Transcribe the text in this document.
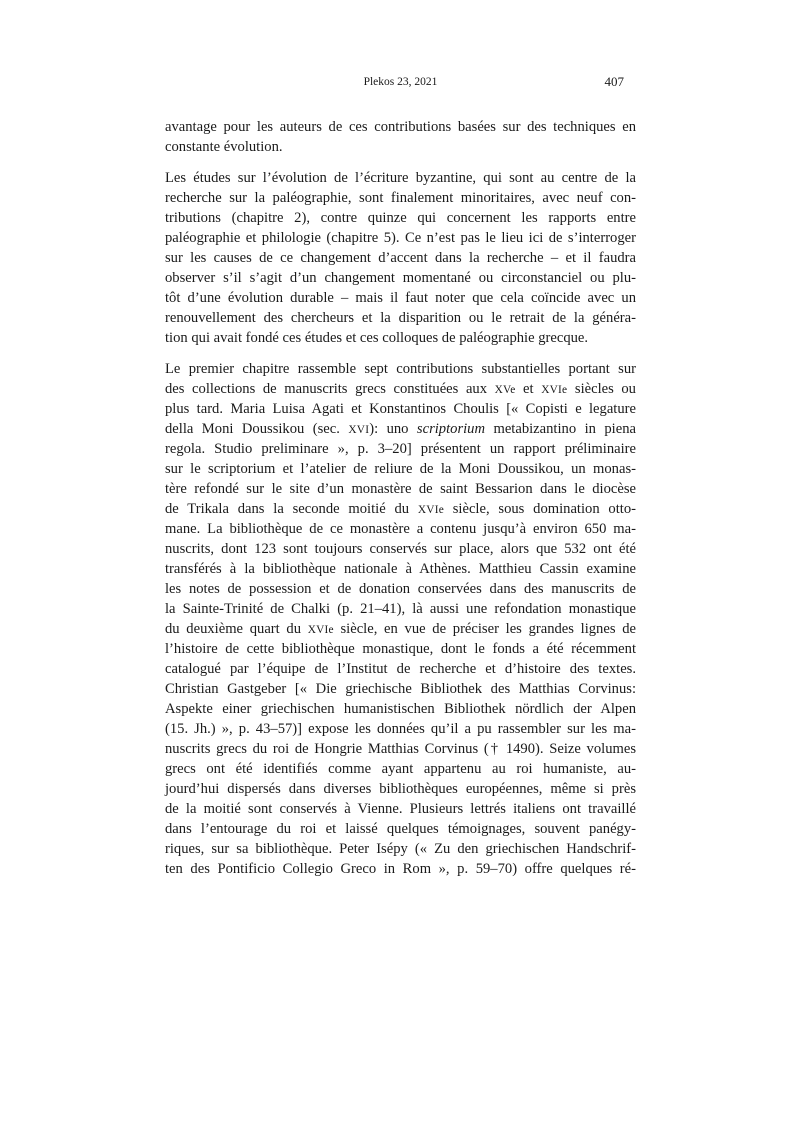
Plekos 23, 2021	407
avantage pour les auteurs de ces contributions basées sur des techniques en
constante évolution.
Les études sur l’évolution de l’écriture byzantine, qui sont au centre de la
recherche sur la paléographie, sont finalement minoritaires, avec neuf con-
tributions (chapitre 2), contre quinze qui concernent les rapports entre
paléographie et philologie (chapitre 5). Ce n’est pas le lieu ici de s’interroger
sur les causes de ce changement d’accent dans la recherche – et il faudra
observer s’il s’agit d’un changement momentané ou circonstanciel ou plu-
tôt d’une évolution durable – mais il faut noter que cela coïncide avec un
renouvellement des chercheurs et la disparition ou le retrait de la généra-
tion qui avait fondé ces études et ces colloques de paléographie grecque.
Le premier chapitre rassemble sept contributions substantielles portant sur
des collections de manuscrits grecs constituées aux XVe et XVIe siècles ou
plus tard. Maria Luisa Agati et Konstantinos Choulis [« Copisti e legature
della Moni Doussikou (sec. XVI): uno scriptorium metabizantino in piena
regola. Studio preliminare », p. 3–20] présentent un rapport préliminaire
sur le scriptorium et l’atelier de reliure de la Moni Doussikou, un monas-
tère refondé sur le site d’un monastère de saint Bessarion dans le diocèse
de Trikala dans la seconde moitié du XVIe siècle, sous domination otto-
mane. La bibliothèque de ce monastère a contenu jusqu’à environ 650 ma-
nuscrits, dont 123 sont toujours conservés sur place, alors que 532 ont été
transférés à la bibliothèque nationale à Athènes. Matthieu Cassin examine
les notes de possession et de donation conservées dans des manuscrits de
la Sainte-Trinité de Chalki (p. 21–41), là aussi une refondation monastique
du deuxième quart du XVIe siècle, en vue de préciser les grandes lignes de
l’histoire de cette bibliothèque monastique, dont le fonds a été récemment
catalogué par l’équipe de l’Institut de recherche et d’histoire des textes.
Christian Gastgeber [« Die griechische Bibliothek des Matthias Corvinus:
Aspekte einer griechischen humanistischen Bibliothek nördlich der Alpen
(15. Jh.) », p. 43–57)] expose les données qu’il a pu rassembler sur les ma-
nuscrits grecs du roi de Hongrie Matthias Corvinus († 1490). Seize volumes
grecs ont été identifiés comme ayant appartenu au roi humaniste, au-
jourd’hui dispersés dans diverses bibliothèques européennes, même si près
de la moitié sont conservés à Vienne. Plusieurs lettrés italiens ont travaillé
dans l’entourage du roi et laissé quelques témoignages, souvent panégy-
riques, sur sa bibliothèque. Peter Isépy (« Zu den griechischen Handschrif-
ten des Pontificio Collegio Greco in Rom », p. 59–70) offre quelques ré-
